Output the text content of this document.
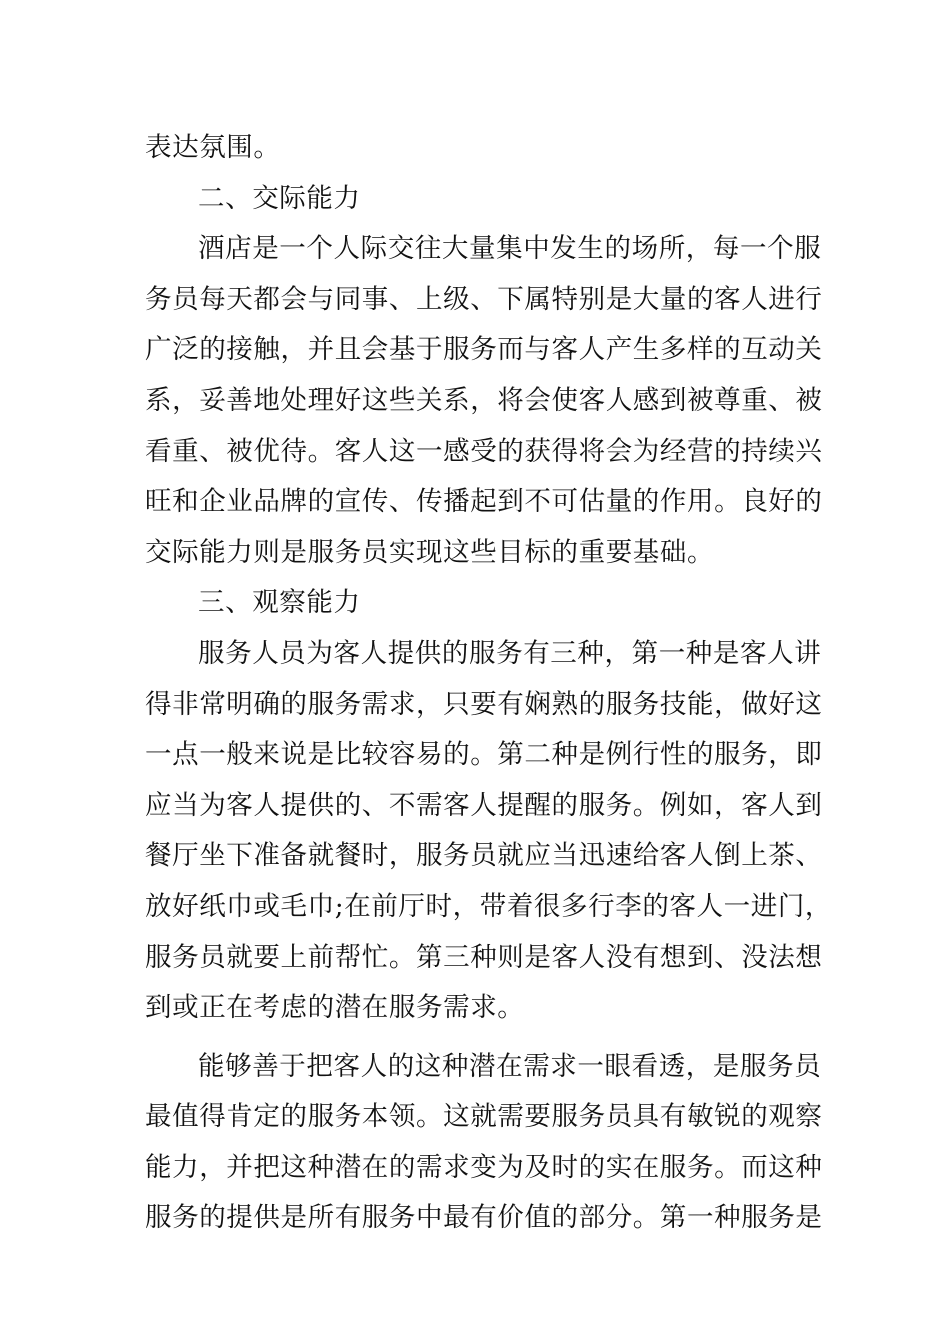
表达氛围。
二、交际能力
酒店是一个人际交往大量集中发生的场所，每一个服
务员每天都会与同事、上级、下属特别是大量的客人进行
广泛的接触，并且会基于服务而与客人产生多样的互动关
系，妥善地处理好这些关系，将会使客人感到被尊重、被
看重、被优待。客人这一感受的获得将会为经营的持续兴
旺和企业品牌的宣传、传播起到不可估量的作用。良好的
交际能力则是服务员实现这些目标的重要基础。
三、观察能力
服务人员为客人提供的服务有三种，第一种是客人讲
得非常明确的服务需求，只要有娴熟的服务技能，做好这
一点一般来说是比较容易的。第二种是例行性的服务，即
应当为客人提供的、不需客人提醒的服务。例如，客人到
餐厅坐下准备就餐时，服务员就应当迅速给客人倒上茶、
放好纸巾或毛巾;在前厅时，带着很多行李的客人一进门，
服务员就要上前帮忙。第三种则是客人没有想到、没法想
到或正在考虑的潜在服务需求。
能够善于把客人的这种潜在需求一眼看透，是服务员
最值得肯定的服务本领。这就需要服务员具有敏锐的观察
能力，并把这种潜在的需求变为及时的实在服务。而这种
服务的提供是所有服务中最有价值的部分。第一种服务是
